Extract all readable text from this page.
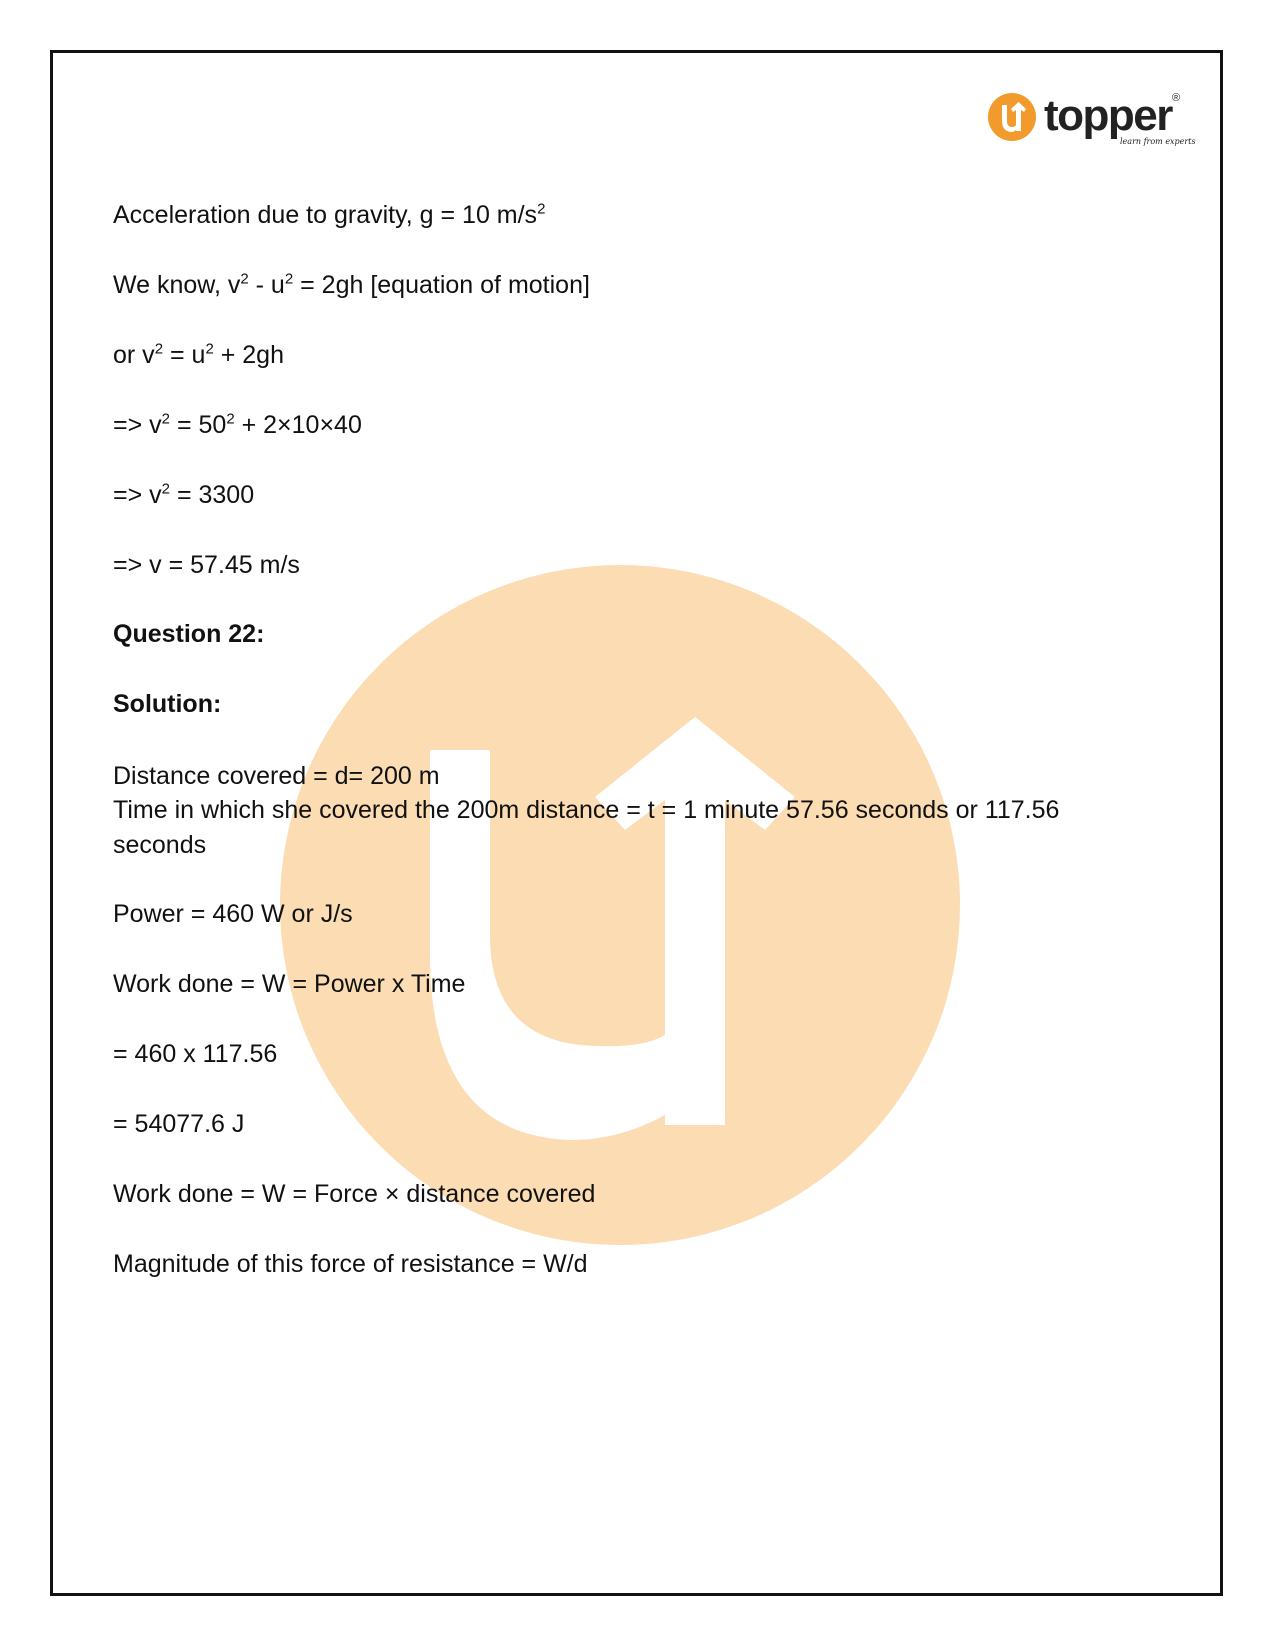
topper ®
learn from experts
Acceleration due to gravity, g = 10 $m/s^2$
We know, $v^2 - u^2 = 2gh$ [equation of motion]
or $v^2 = u^2 + 2gh$
=> $v^2 = 50^2 + 2\times 10\times 40$
=> $v^2 = 3300$
=> v = 57.45 m/s
Question 22:
Solution:
Distance covered = d= 200 m
Time in which she covered the 200m distance = t = 1 minute 57.56 seconds or 117.56 seconds
Power = 460 W or J/s
Work done = W = Power x Time
= 460 x 117.56
= 54077.6 J
Work done = W = Force × distance covered
Magnitude of this force of resistance = W/d
